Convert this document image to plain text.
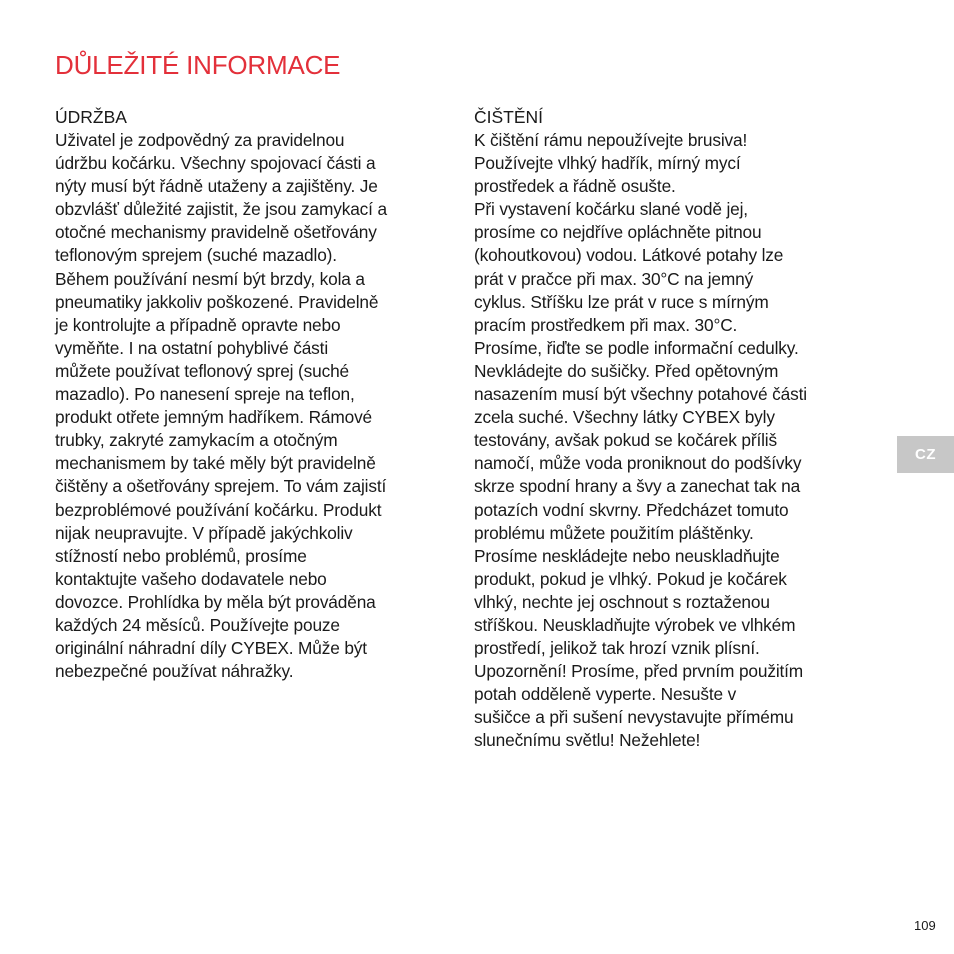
DŮLEŽITÉ INFORMACE
ÚDRŽBA
Uživatel je zodpovědný za pravidelnou
údržbu kočárku. Všechny spojovací části a
nýty musí být řádně utaženy a zajištěny. Je
obzvlášť důležité zajistit, že jsou zamykací a
otočné mechanismy pravidelně ošetřovány
teflonovým sprejem (suché mazadlo).
Během používání nesmí být brzdy, kola a
pneumatiky jakkoliv poškozené. Pravidelně
je kontrolujte a případně opravte nebo
vyměňte. I na ostatní pohyblivé části
můžete používat teflonový sprej (suché
mazadlo). Po nanesení spreje na teflon,
produkt otřete jemným hadříkem. Rámové
trubky, zakryté zamykacím a otočným
mechanismem by také měly být pravidelně
čištěny a ošetřovány sprejem. To vám zajistí
bezproblémové používání kočárku. Produkt
nijak neupravujte. V případě jakýchkoliv
stížností nebo problémů, prosíme
kontaktujte vašeho dodavatele nebo
dovozce. Prohlídka by měla být prováděna
každých 24 měsíců. Používejte pouze
originální náhradní díly CYBEX. Může být
nebezpečné používat náhražky.
ČIŠTĚNÍ
K čištění rámu nepoužívejte brusiva!
Používejte vlhký hadřík, mírný mycí
prostředek a řádně osušte.
Při vystavení kočárku slané vodě jej,
prosíme co nejdříve opláchněte pitnou
(kohoutkovou) vodou. Látkové potahy lze
prát v pračce při max. 30°C na jemný
cyklus. Stříšku lze prát v ruce s mírným
pracím prostředkem při max. 30°C.
Prosíme, řiďte se podle informační cedulky.
Nevkládejte do sušičky. Před opětovným
nasazením musí být všechny potahové části
zcela suché. Všechny látky CYBEX byly
testovány, avšak pokud se kočárek příliš
namočí, může voda proniknout do podšívky
skrze spodní hrany a švy a zanechat tak na
potazích vodní skvrny. Předcházet tomuto
problému můžete použitím pláštěnky.
Prosíme neskládejte nebo neuskladňujte
produkt, pokud je vlhký. Pokud je kočárek
vlhký, nechte jej oschnout s roztaženou
stříškou. Neuskladňujte výrobek ve vlhkém
prostředí, jelikož tak hrozí vznik plísní.
Upozornění! Prosíme, před prvním použitím
potah odděleně vyperte. Nesušte v
sušičce a při sušení nevystavujte přímému
slunečnímu světlu! Nežehlete!
CZ
109
